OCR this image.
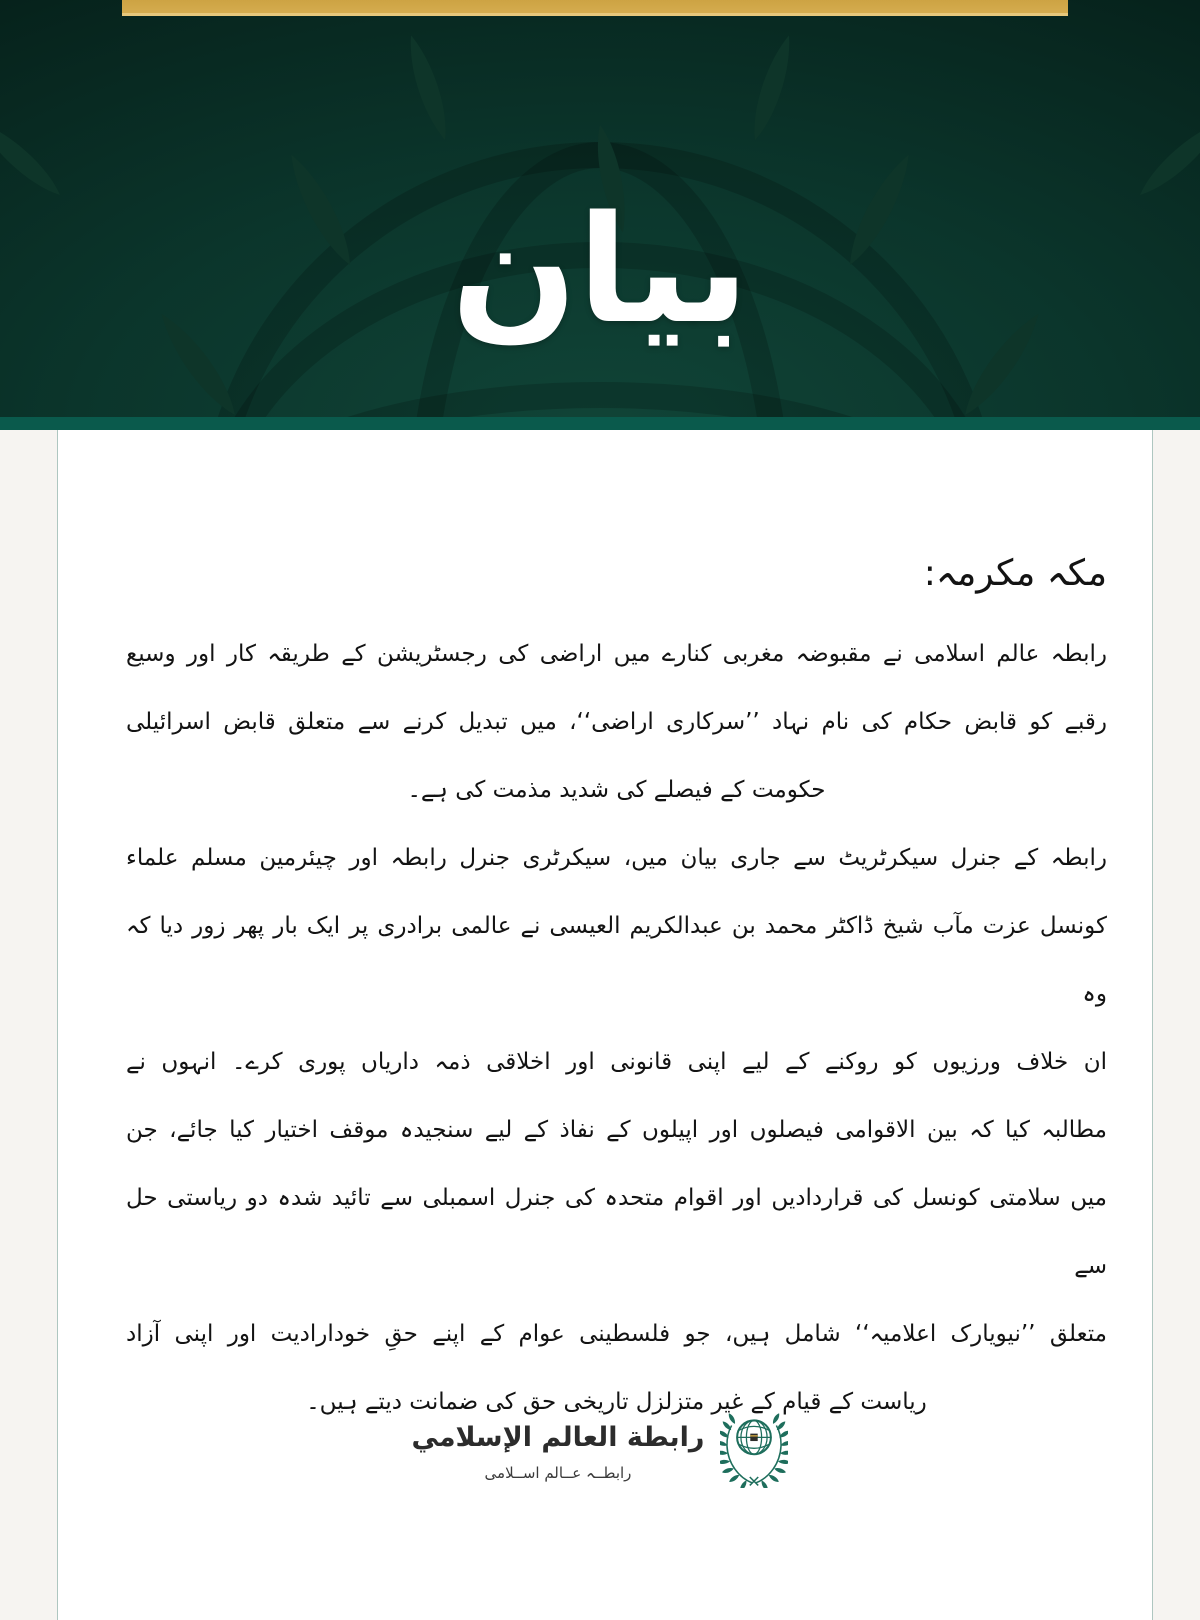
بیان
مکہ مکرمہ:
رابطہ عالم اسلامی نے مقبوضہ مغربی کنارے میں اراضی کی رجسٹریشن کے طریقہ کار اور وسیع
رقبے کو قابض حکام کی نام نہاد ’’سرکاری اراضی‘‘، میں تبدیل کرنے سے متعلق قابض اسرائیلی
حکومت کے فیصلے کی شدید مذمت کی ہے۔
رابطہ کے جنرل سیکرٹریٹ سے جاری بیان میں، سیکرٹری جنرل رابطہ اور چیئرمین مسلم علماء
کونسل عزت مآب شیخ ڈاکٹر محمد بن عبدالکریم العیسی نے عالمی برادری پر ایک بار پھر زور دیا کہ وہ
ان خلاف ورزیوں کو روکنے کے لیے اپنی قانونی اور اخلاقی ذمہ داریاں پوری کرے۔ انہوں نے
مطالبہ کیا کہ بین الاقوامی فیصلوں اور اپیلوں کے نفاذ کے لیے سنجیدہ موقف اختیار کیا جائے، جن
میں سلامتی کونسل کی قراردادیں اور اقوام متحدہ کی جنرل اسمبلی سے تائید شدہ دو ریاستی حل سے
متعلق ’’نیویارک اعلامیہ‘‘ شامل ہیں، جو فلسطینی عوام کے اپنے حقِ خودارادیت اور اپنی آزاد
ریاست کے قیام کے غیر متزلزل تاریخی حق کی ضمانت دیتے ہیں۔
رابطة العالم الإسلامي
رابطــہ عــالم اســلامی
